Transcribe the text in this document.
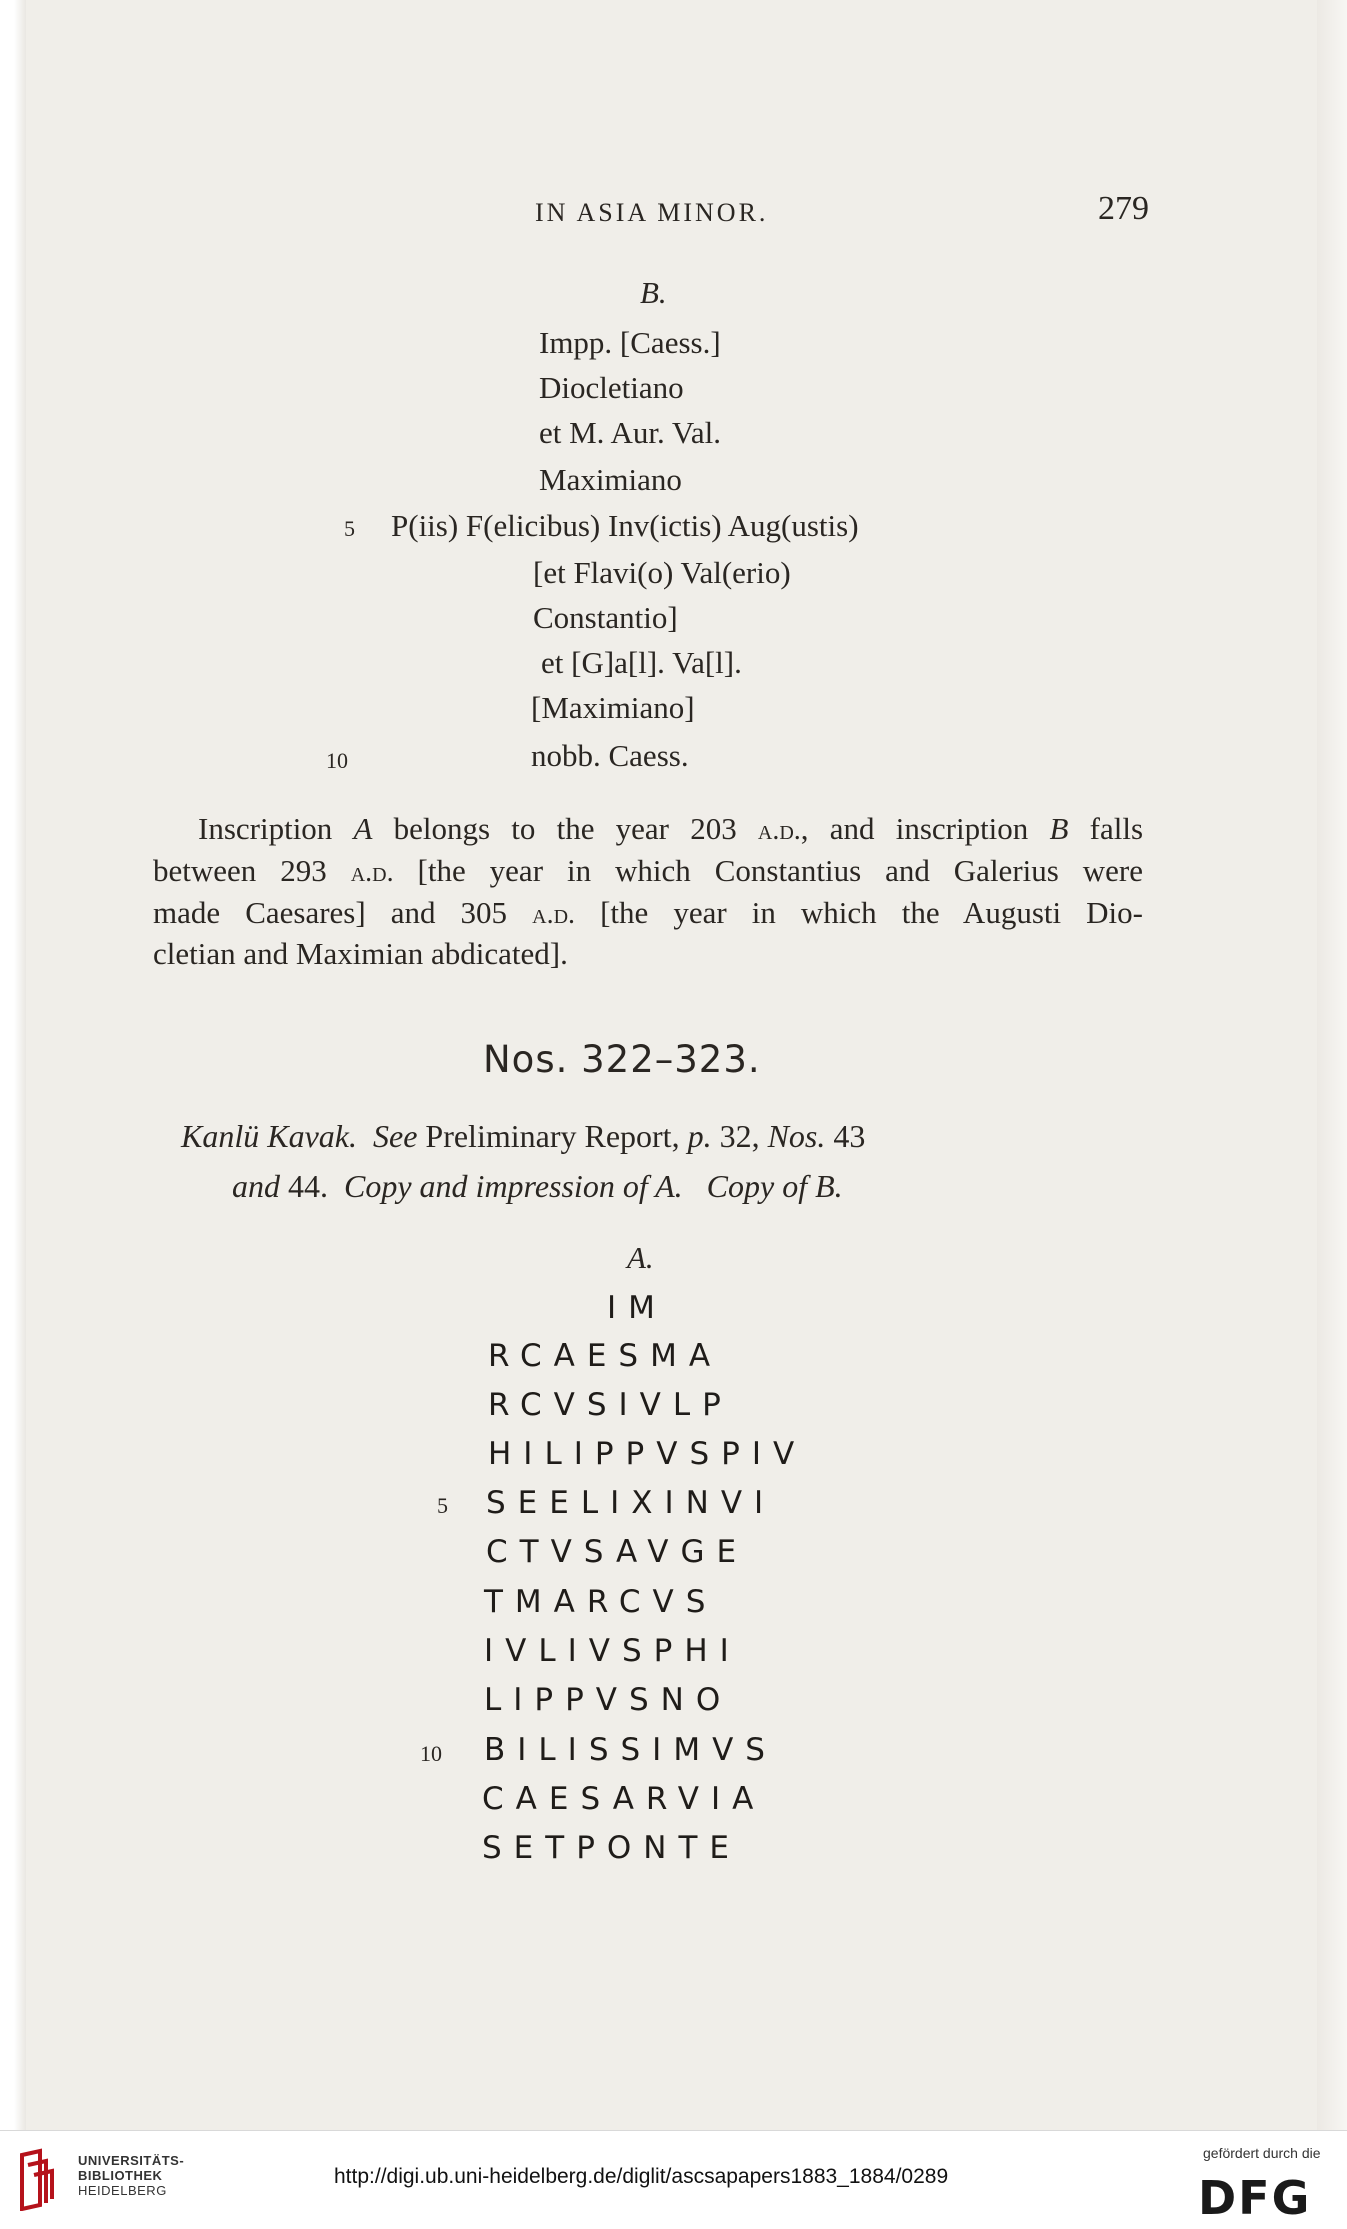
IN ASIA MINOR.	279
B.
Impp. [Caess.]
Diocletiano
et M. Aur. Val.
Maximiano
5 P(iis) F(elicibus) Inv(ictis) Aug(ustis)
[et Flavi(o) Val(erio)
Constantio]
et [G]a[l]. Va[l].
[Maximiano]
10	nobb. Caess.
Inscription A belongs to the year 203 a.d., and inscription B falls
between 293 a.d. [the year in which Constantius and Galerius were
made Caesares] and 305 a.d. [the year in which the Augusti Dio-
cletian and Maximian abdicated].
Nos. 322–323.
Kanlü Kavak. See Preliminary Report, p. 32, Nos. 43
and 44. Copy and impression of A. Copy of B.
A.
IM
RCAESMA
RCVSIVⅬP
HIⅬIPPVSPIV
5 SEEⅬIXINVI
CTVSAVGE
TMARCVS
IVⅬIVSPHI
ⅬIPPVSNO
10 BIⅬISSIMVS
CAESARVIA
SETPONTE
UNIVERSITÄTS-
BIBLIOTHEK
HEIDELBERG
http://digi.ub.uni-heidelberg.de/diglit/ascsapapers1883_1884/0289
gefördert durch die
DFG
